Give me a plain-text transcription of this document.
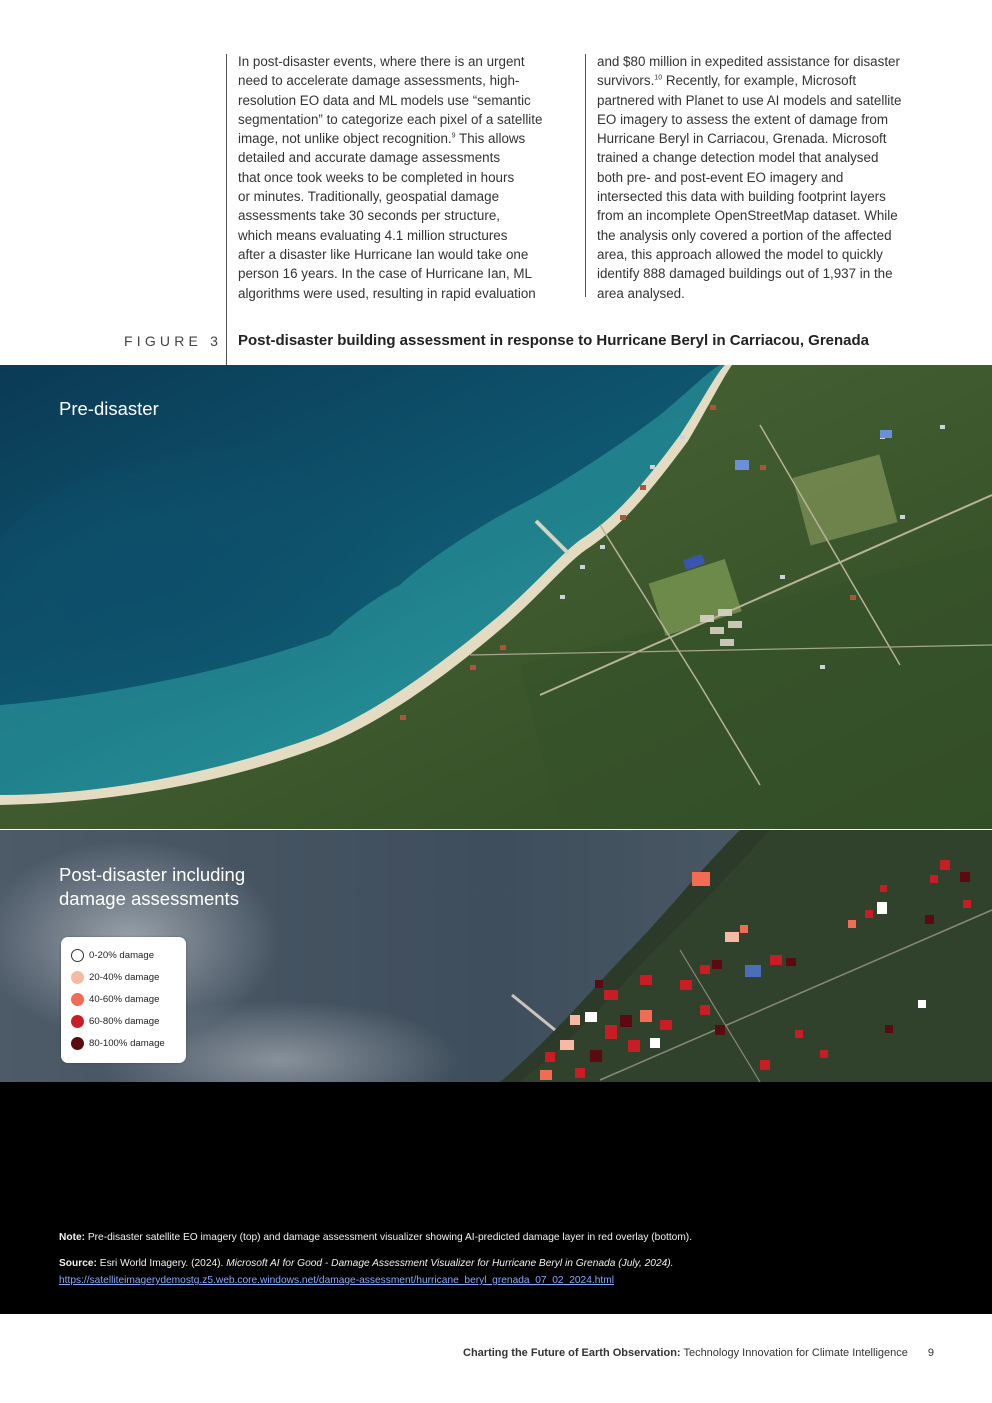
In post-disaster events, where there is an urgent

need to accelerate damage assessments, high-

resolution EO data and ML models use “semantic

segmentation” to categorize each pixel of a satellite

image, not unlike object recognition.$^9$ This allows

detailed and accurate damage assessments

that once took weeks to be completed in hours

or minutes. Traditionally, geospatial damage

assessments take 30 seconds per structure,

which means evaluating 4.1 million structures

after a disaster like Hurricane Ian would take one

person 16 years. In the case of Hurricane Ian, ML

algorithms were used, resulting in rapid evaluation

and $80 million in expedited assistance for disaster

survivors.$^{10}$ Recently, for example, Microsoft

partnered with Planet to use AI models and satellite

EO imagery to assess the extent of damage from

Hurricane Beryl in Carriacou, Grenada. Microsoft

trained a change detection model that analysed

both pre- and post-event EO imagery and

intersected this data with building footprint layers

from an incomplete OpenStreetMap dataset. While

the analysis only covered a portion of the affected

area, this approach allowed the model to quickly

identify 888 damaged buildings out of 1,937 in the

area analysed.

FIGURE 3 Post-disaster building assessment in response to Hurricane Beryl in Carriacou, Grenada
Pre-disaster
Post-disaster including
damage assessments
0-20% damage
20-40% damage
40-60% damage
60-80% damage
80-100% damage
Note: Pre-disaster satellite EO imagery (top) and damage assessment visualizer showing AI-predicted damage layer in red overlay (bottom).
Source: Esri World Imagery. (2024). Microsoft AI for Good - Damage Assessment Visualizer for Hurricane Beryl in Grenada (July, 2024).
https://satelliteimagerydemostg.z5.web.core.windows.net/damage-assessment/hurricane_beryl_grenada_07_02_2024.html
Charting the Future of Earth Observation: Technology Innovation for Climate Intelligence 9
